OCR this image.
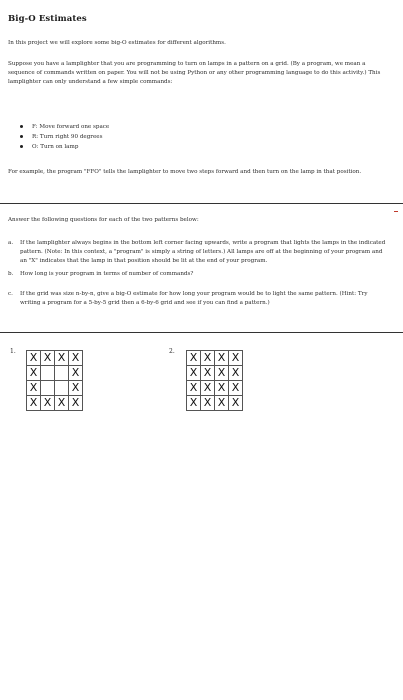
Big-O Estimates
In this project we will explore some big-O estimates for different algorithms.
Suppose you have a lamplighter that you are programming to turn on lamps in a pattern on a grid. (By a program, we mean a sequence of commands written on paper. You will not be using Python or any other programming language to do this activity.) This lamplighter can only understand a few simple commands:
F: Move forward one space
R: Turn right 90 degrees
O: Turn on lamp
For example, the program "FFO" tells the lamplighter to move two steps forward and then turn on the lamp in that position.
Answer the following questions for each of the two patterns below:
a. If the lamplighter always begins in the bottom left corner facing upwards, write a program that lights the lamps in the indicated pattern. (Note: In this context, a "program" is simply a string of letters.) All lamps are off at the beginning of your program and an "X" indicates that the lamp in that position should be lit at the end of your program.
b. How long is your program in terms of number of commands?
c. If the grid was size n-by-n, give a big-O estimate for how long your program would be to light the same pattern. (Hint: Try writing a program for a 5-by-5 grid then a 6-by-6 grid and see if you can find a pattern.)
1. X	X	X	X
X			X
X			X
X	X	X	X
2. X	X	X	X
X	X	X	X
X	X	X	X
X	X	X	X
